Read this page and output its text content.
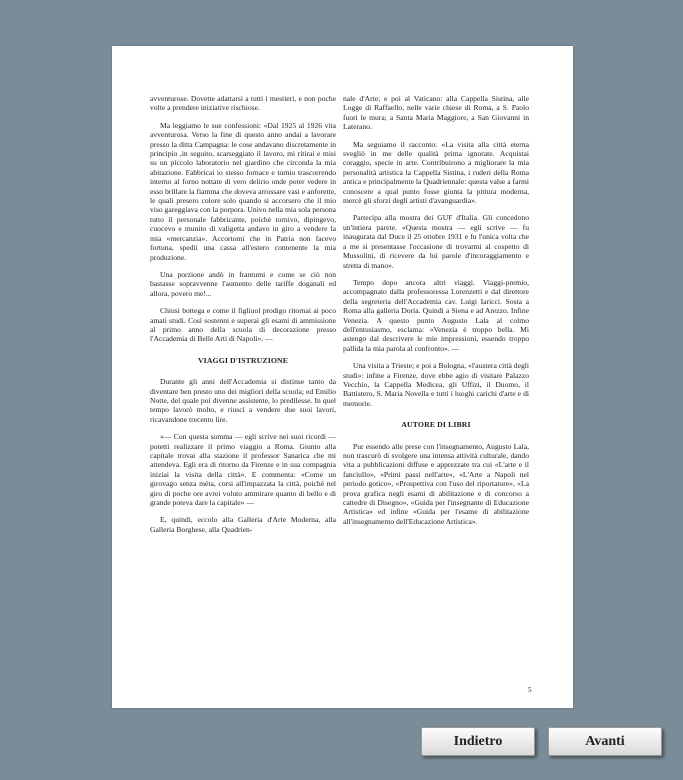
avventurose. Dovette adattarsi a tutti i mestieri, e non poche volte a prendere iniziative rischiose.

Ma leggiamo le sue confessioni: «Dal 1925 al 1926 vita avventurosa. Verso la fine di questo anno andai a lavorare presso la ditta Campagna: le cose andavano discretamente in principio ,in seguito, scarseggiato il lavoro, mi ritirai e misi su un piccolo laboratorio nel giardino che circonda la mia abitazione. Fabbricai io stesso fornace e tornio trascorrendo interno al forno nottate di vero delirio onde poter vedere in esso brillare la fiamma che doveva arrossare vasi e anforette, le quali presero colore solo quando si accorsero che il mio viso gareggiava con la porpora. Univo nella mia sola persona tutto il personale fabbricante, poichè tornivo, dipingevo, cuocevo e munito di valigetta andavo in giro a vendere la mia «mercanzia». Accortomi che in Patria non facevo fortuna, spedii una cassa all'estero contenente la mia produzione.

Una porzione andò in frantumi e come se ciò non bastasse sopravvenne l'aumento delle tariffe doganali ed allora, povero me!...

Chiusi bottega e come il figliuol prodigo ritornai ai poco amati studi. Così sostenni e superai gli esami di ammissione al primo anno della scuola di decorazione presso l'Accademia di Belle Arti di Napoli». —

VIAGGI D'ISTRUZIONE

Durante gli anni dell'Accademia si distinse tanto da diventare ben presto uno dei migliori della scuola; ed Emilio Notte, del quale poi divenne assistente, lo predilesse. In quel tempo lavorò molto, e riuscì a vendere due suoi lavori, ricavandone trecento lire.

«— Con questa somma — egli scrive nei suoi ricordi — potetti realizzare il primo viaggio a Roma. Giunto alla capitale trovai alla stazione il professor Sanarica che mi attendeva. Egli era di ritorno da Firenze e in sua compagnia iniziai la visita della città». E commenta: «Come un girovago senza mèta, corsi all'impazzata la città, poichè nel giro di poche ore avrei voluto ammirare quanto di bello e di grande poteva dare la capitale» —

E, quindi, eccolo alla Galleria d'Arte Moderna, alla Galleria Borghese, alla Quadrien-

nale d'Arte; e poi al Vaticano: alla Cappella Sistina, alle Logge di Raffaello, nelle varie chiese di Roma, a S. Paolo fuori le mura; a Santa Maria Maggiore, a San Giovanni in Laterano.

Ma seguiamo il racconto: «La visita alla città eterna svegliò in me delle qualità prima ignorate. Acquistai coraggio, specie in arte. Contribuirono a migliorare la mia personalità artistica la Cappella Sistina, i ruderi della Roma antica e principalmente la Quadriennale: questa valse a farmi conoscere a qual punto fosse giunta la pittura moderna, mercè gli sforzi degli artisti d'avanguardia».

Partecipa alla mostra dei GUF d'Italia. Gli concedono un'intiera parete. «Questa mostra — egli scrive — fu inaugurata dal Duce il 25 ottobre 1931 e fu l'unica volta che a me si presentasse l'occasione di trovarmi al cospetto di Mussolini, di ricevere da lui parole d'incoraggiamento e stretta di mano».

Tempo dopo ancora altri viaggi. Viaggi-premio, accompagnato dalla professoressa Lorenzetti e dal direttore della segreteria dell'Accademia cav. Luigi Iaricci. Sosta a Roma alla galleria Doria. Quindi a Siena e ad Arezzo. Infine Venezia. A questo punto Augusto Lala al colmo dell'entusiasmo, esclama: «Venezia è troppo bella. Mi astengo dal descrivere le mie impressioni, essendo troppo pallida la mia parola al confronto». —

Una visita a Trieste; e poi a Bologna, «l'austera città degli studi»: infine a Firenze, dove ebbe agio di visitare Palazzo Vecchio, la Cappella Medicea, gli Uffizi, il Duomo, il Battistero, S. Maria Novella e tutti i luoghi carichi d'arte e di memorie.

AUTORE DI LIBRI

Pur essendo alle prese con l'insegnamento, Augusto Lala, non trascurò di svolgere una intensa attività culturale, dando vita a pubblicazioni diffuse e apprezzate tra cui «L'arte e il fanciullo», «Primi passi nell'arte», «L'Arte a Napoli nel periodo gotico», «Prospettiva con l'uso del riportatore», «La prova grafica negli esami di abilitazione e di concorso a cattedre di Disegno», «Guida per l'insegnante di Educazione Artistica» ed infine «Guida per l'esame di abilitazione all'insegnamento dell'Educazione Artistica».

5
Indietro	Avanti
